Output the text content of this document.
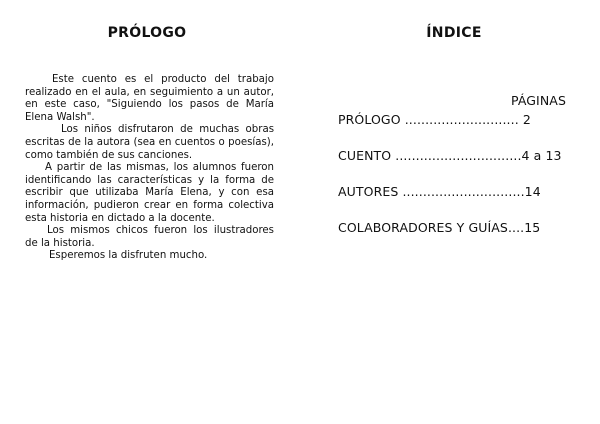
PRÓLOGO

Este cuento es el producto del trabajo realizado en el aula, en seguimiento a un autor, en este caso, "Siguiendo los pasos de María Elena Walsh".

Los niños disfrutaron de muchas obras escritas de la autora (sea en cuentos o poesías), como también de sus canciones.

A partir de las mismas, los alumnos fueron identificando las características y la forma de escribir que utilizaba María Elena, y con esa información, pudieron crear en forma colectiva esta historia en dictado a la docente.

Los mismos chicos fueron los ilustradores de la historia.

Esperemos la disfruten mucho.

ÍNDICE
PÁGINAS
PRÓLOGO ............................ 2
CUENTO ...............................4 a 13
AUTORES ..............................14
COLABORADORES Y GUÍAS....15
